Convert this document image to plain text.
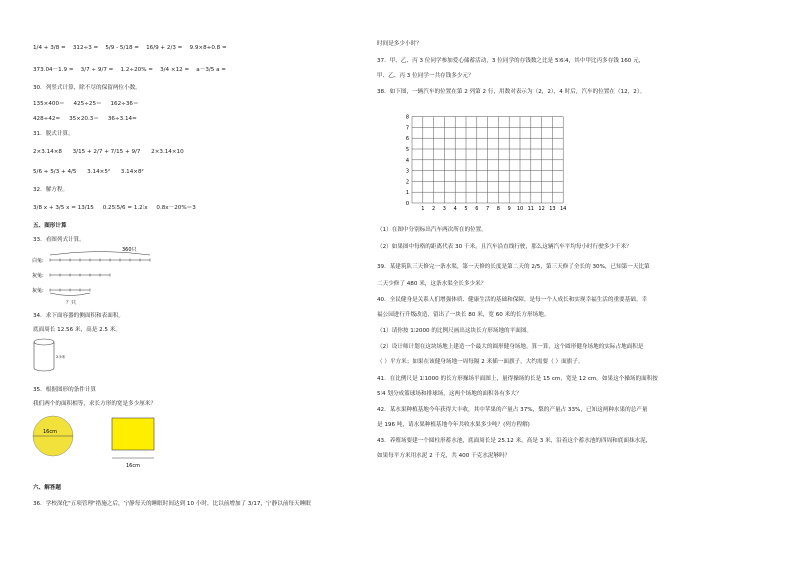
1/4 + 3/8 = 312÷3 = 5/9 - 5/18 = 16/9 + 2/3 = 9.9×8+0.8 =
373.04－1.9 = 3/7 ÷ 9/7 = 1.2÷20% = 3/4 ×12 = a－3/5 a =
30．列竖式计算，除不尽的保留两位小数。
135×400＝ 425÷25＝ 162÷36＝
428÷42≈ 35×20.3＝ 36÷3.14≈
31．脱式计算。
2×3.14×8 3/15 + 2/7 + 7/15 + 9/7 2×3.14×10
5/6 + 5/3 + 4/5 3.14×5² 3.14×8²
32．解方程。
3/8 x + 3/5 x = 13/15 0.25∶5/6 = 1.2∶x 0.8x－20%＝3
五、图形计算
33．看图列式计算。
360只
白兔:
灰兔:
灰兔:
？只
34．求下面容器的侧面积和表面积。
底面周长 12.56 米，高是 2.5 米。
2.5米
35．根据图形的条件计算
我们两个的面积相等，求长方形的宽是多少厘米？
16cm
16cm
六、解答题
36．学校深化"五项管理"措施之后，宁静每天的睡眠时间达到 10 小时，比以前增加了 3/17，宁静以前每天睡眠
时间是多少小时？
37．甲、乙、丙 3 位同学参加爱心储蓄活动，3 位同学的存钱数之比是 5∶6∶4，其中甲比丙多存钱 160 元，
甲、乙、丙 3 位同学一共存钱多少元？
38．如下图，一辆汽车的位置在第 2 列第 2 行，用数对表示为（2，2），4 时后，汽车的位置在（12，2）。
（1）在图中分别标出汽车两次所在的位置。
（2）如果图中每格的距离代表 30 千米，且汽车沿直线行驶，那么这辆汽车平均每小时行驶多少千米？
39．某建筑队三天修完一条水渠，第一天修的长度是第二天的 2/5，第三天修了全长的 30%，已知第一天比第
二天少修了 480 米，这条水渠全长多少米？
40．全民健身是关系人们增强体质、健康生活的基础和保障，是每一个人成长和实现幸福生活的重要基础。幸
福公园进行升级改造，留出了一块长 80 米，宽 60 米的长方形场地。
（1）请你按 1∶2000 的比例尺画出这块长方形场地的平面图。
（2）设计师计划在这块场地上建造一个最大的圆形健身场地。算一算，这个圆形健身场地的实际占地面积是
（ ）平方米；如果在该健身场地一周每隔 2 米插一面旗子，大约需要（ ）面旗子。
41．在比例尺是 1∶1000 的长方形操场平面图上，量得操场的长是 15 cm，宽是 12 cm。如果这个操场的面积按
5∶4 划分成篮球场和排球场，这两个场地的面积各有多大？
42．某水果种植基地今年获得大丰收，其中苹果的产量占 37%，梨的产量占 33%，已知这两种水果的总产量
是 196 吨，请水果种植基地今年共收水果多少吨？(列方程解)
43．养殖场要建一个圆柱形蓄水池，底面周长是 25.12 米，高是 3 米，沿着这个蓄水池的四周和底面抹水泥，
如果每平方米用水泥 2 千克，共 400 千克水泥够吗？
1 2 3 4 5 6 7 8 9 10 11 12 13 14
0
1
2
3
4
5
6
7
8
